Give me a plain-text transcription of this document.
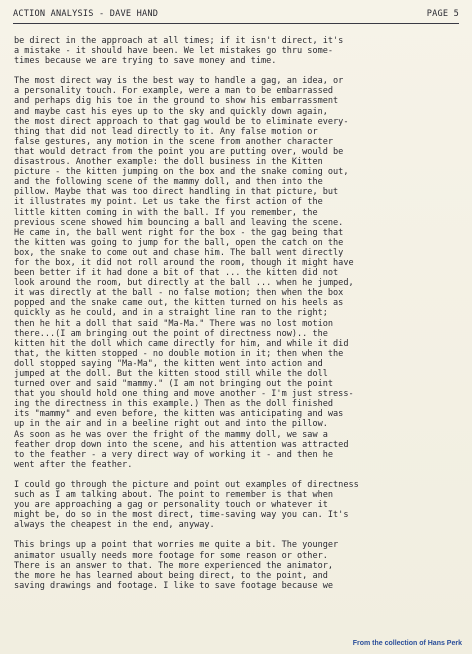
ACTION ANALYSIS - DAVE HAND	PAGE 5
be direct in the approach at all times; if it isn't direct, it's
a mistake - it should have been. We let mistakes go thru some-
times because we are trying to save money and time.
The most direct way is the best way to handle a gag, an idea, or
a personality touch. For example, were a man to be embarrassed
and perhaps dig his toe in the ground to show his embarrassment
and maybe cast his eyes up to the sky and quickly down again,
the most direct approach to that gag would be to eliminate every-
thing that did not lead directly to it. Any false motion or
false gestures, any motion in the scene from another character
that would detract from the point you are putting over, would be
disastrous. Another example: the doll business in the Kitten
picture - the kitten jumping on the box and the snake coming out,
and the following scene of the mammy doll, and then into the
pillow. Maybe that was too direct handling in that picture, but
it illustrates my point. Let us take the first action of the
little kitten coming in with the ball. If you remember, the
previous scene showed him bouncing a ball and leaving the scene.
He came in, the ball went right for the box - the gag being that
the kitten was going to jump for the ball, open the catch on the
box, the snake to come out and chase him. The ball went directly
for the box, it did not roll around the room, though it might have
been better if it had done a bit of that ... the kitten did not
look around the room, but directly at the ball ... when he jumped,
it was directly at the ball - no false motion; then when the box
popped and the snake came out, the kitten turned on his heels as
quickly as he could, and in a straight line ran to the right;
then he hit a doll that said "Ma-Ma." There was no lost motion
there...(I am bringing out the point of directness now).. the
kitten hit the doll which came directly for him, and while it did
that, the kitten stopped - no double motion in it; then when the
doll stopped saying "Ma-Ma", the kitten went into action and
jumped at the doll. But the kitten stood still while the doll
turned over and said "mammy." (I am not bringing out the point
that you should hold one thing and move another - I'm just stress-
ing the directness in this example.) Then as the doll finished
its "mammy" and even before, the kitten was anticipating and was
up in the air and in a beeline right out and into the pillow.
As soon as he was over the fright of the mammy doll, we saw a
feather drop down into the scene, and his attention was attracted
to the feather - a very direct way of working it - and then he
went after the feather.
I could go through the picture and point out examples of directness
such as I am talking about. The point to remember is that when
you are approaching a gag or personality touch or whatever it
might be, do so in the most direct, time-saving way you can. It's
always the cheapest in the end, anyway.
This brings up a point that worries me quite a bit. The younger
animator usually needs more footage for some reason or other.
There is an answer to that. The more experienced the animator,
the more he has learned about being direct, to the point, and
saving drawings and footage. I like to save footage because we
From the collection of Hans Perk
